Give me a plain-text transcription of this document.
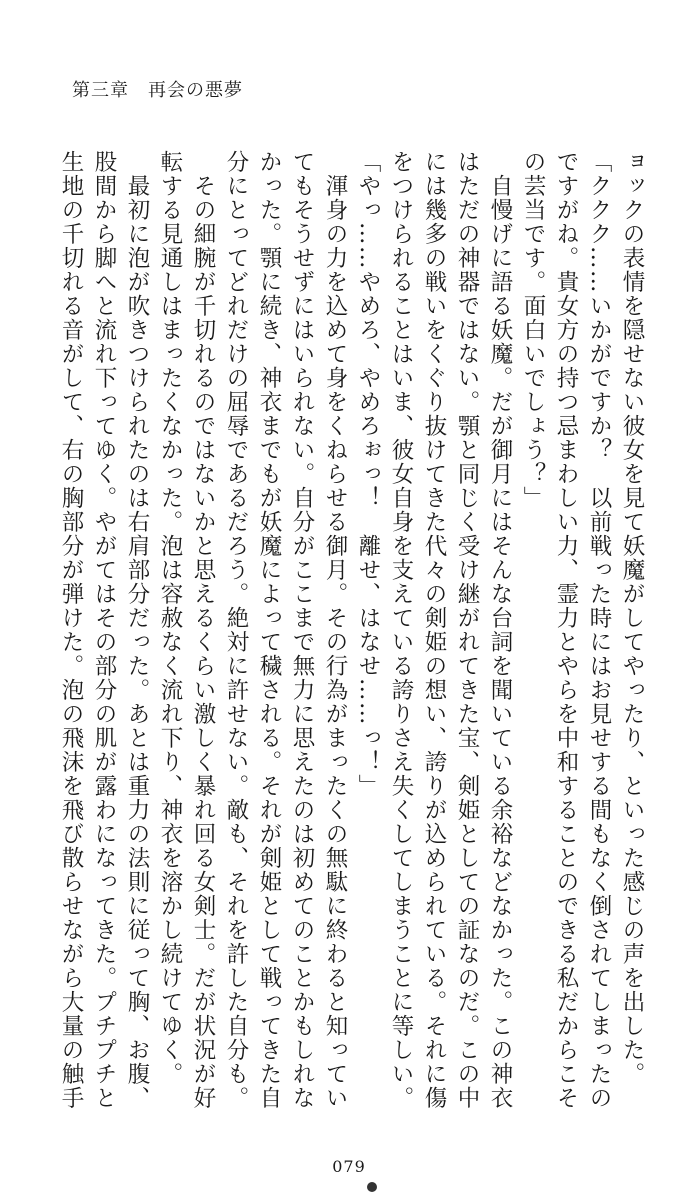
第三章　再会の悪夢
ョックの表情を隠せない彼女を見て妖魔がしてやったり、といった感じの声を出した。
「ククク……いかがですか？　以前戦った時にはお見せする間もなく倒されてしまったの
ですがね。貴女方の持つ忌まわしい力、霊力とやらを中和することのできる私だからこそ
の芸当です。面白いでしょう？」
　自慢げに語る妖魔。だが御月にはそんな台詞を聞いている余裕などなかった。この神衣
はただの神器ではない。顎と同じく受け継がれてきた宝、剣姫としての証なのだ。この中
には幾多の戦いをくぐり抜けてきた代々の剣姫の想い、誇りが込められている。それに傷
をつけられることはいま、彼女自身を支えている誇りさえ失くしてしまうことに等しい。
「やっ……やめろ、やめろぉっ！　離せ、はなせ……っ！」
　渾身の力を込めて身をくねらせる御月。その行為がまったくの無駄に終わると知ってい
てもそうせずにはいられない。自分がここまで無力に思えたのは初めてのことかもしれな
かった。顎に続き、神衣までもが妖魔によって穢される。それが剣姫として戦ってきた自
分にとってどれだけの屈辱であるだろう。絶対に許せない。敵も、それを許した自分も。
　その細腕が千切れるのではないかと思えるくらい激しく暴れ回る女剣士。だが状況が好
転する見通しはまったくなかった。泡は容赦なく流れ下り、神衣を溶かし続けてゆく。
　最初に泡が吹きつけられたのは右肩部分だった。あとは重力の法則に従って胸、お腹、
股間から脚へと流れ下ってゆく。やがてはその部分の肌が露わになってきた。プチプチと
生地の千切れる音がして、右の胸部分が弾けた。泡の飛沫を飛び散らせながら大量の触手
079
